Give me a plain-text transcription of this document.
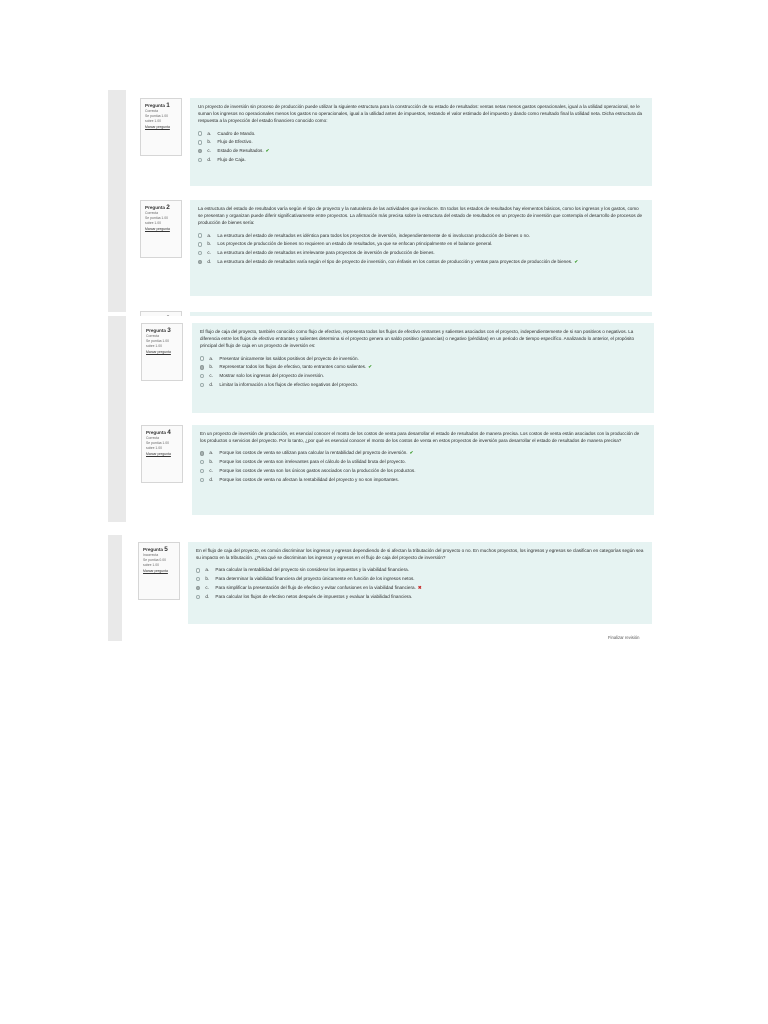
Pregunta 1
Correcta
Se puntúa 1.00
sobre 1.00
Marcar pregunta
Un proyecto de inversión sin proceso de producción puede utilizar la siguiente estructura para la construcción de su estado de resultados: ventas netas menos gastos operacionales, igual a la utilidad operacional, se le suman los ingresos no operacionales menos los gastos no operacionales, igual a la utilidad antes de impuestos, restando el valor estimado del impuesto y dando como resultado final la utilidad neta. Dicha estructura da respuesta a la proyección del estado financiero conocido como:
a.	Cuadro de Mando.
b.	Flujo de Efectivo.
c.	Estado de Resultados. ✔
d.	Flujo de Caja.
Pregunta 2
Correcta
Se puntúa 1.00
sobre 1.00
Marcar pregunta
La estructura del estado de resultados varía según el tipo de proyecto y la naturaleza de las actividades que involucre. En todos los estados de resultados hay elementos básicos, como los ingresos y los gastos, como se presentan y organizan puede diferir significativamente entre proyectos. La afirmación más precisa sobre la estructura del estado de resultados en un proyecto de inversión que contempla el desarrollo de procesos de producción de bienes sería:
a.	La estructura del estado de resultados es idéntica para todos los proyectos de inversión, independientemente de si involucran producción de bienes o no.
b.	Los proyectos de producción de bienes no requieren un estado de resultados, ya que se enfocan principalmente en el balance general.
c.	La estructura del estado de resultados es irrelevante para proyectos de inversión de producción de bienes.
d.	La estructura del estado de resultados varía según el tipo de proyecto de inversión, con énfasis en los costos de producción y ventas para proyectos de producción de bienes. ✔
Pregunta 3
Correcta
Se puntúa 1.00
sobre 1.00
Marcar pregunta
El flujo de caja del proyecto, también conocido como flujo de efectivo, representa todos los flujos de efectivo entrantes y salientes asociados con el proyecto, independientemente de si son positivos o negativos. La diferencia entre los flujos de efectivo entrantes y salientes determina si el proyecto genera un saldo positivo (ganancias) o negativo (pérdidas) en un periodo de tiempo específico. Analizando lo anterior, el propósito principal del flujo de caja en un proyecto de inversión es:
a.	Presentar únicamente los saldos positivos del proyecto de inversión.
b.	Representar todos los flujos de efectivo, tanto entrantes como salientes. ✔
c.	Mostrar solo los ingresos del proyecto de inversión.
d.	Limitar la información a los flujos de efectivo negativos del proyecto.
Pregunta 4
Correcta
Se puntúa 1.00
sobre 1.00
Marcar pregunta
En un proyecto de inversión de producción, es esencial conocer el monto de los costos de venta para desarrollar el estado de resultados de manera precisa. Los costos de venta están asociados con la producción de los productos o servicios del proyecto. Por lo tanto, ¿por qué es esencial conocer el monto de los costos de venta en estos proyectos de inversión para desarrollar el estado de resultados de manera precisa?
a.	Porque los costos de venta se utilizan para calcular la rentabilidad del proyecto de inversión. ✔
b.	Porque los costos de venta son irrelevantes para el cálculo de la utilidad bruta del proyecto.
c.	Porque los costos de venta son los únicos gastos asociados con la producción de los productos.
d.	Porque los costos de venta no afectan la rentabilidad del proyecto y no son importantes.
Pregunta 5
Incorrecta
Se puntúa 0.00
sobre 1.00
Marcar pregunta
En el flujo de caja del proyecto, es común discriminar los ingresos y egresos dependiendo de si afectan la tributación del proyecto o no. En muchos proyectos, los ingresos y egresos se clasifican en categorías según sea su impacto en la tributación. ¿Para qué se discriminan los ingresos y egresos en el flujo de caja del proyecto de inversión?
a.	Para calcular la rentabilidad del proyecto sin considerar los impuestos y la viabilidad financiera.
b.	Para determinar la viabilidad financiera del proyecto únicamente en función de los ingresos netos.
c.	Para simplificar la presentación del flujo de efectivo y evitar confusiones en la viabilidad financiera. ✖
d.	Para calcular los flujos de efectivo netos después de impuestos y evaluar la viabilidad financiera.
Finalizar revisión
